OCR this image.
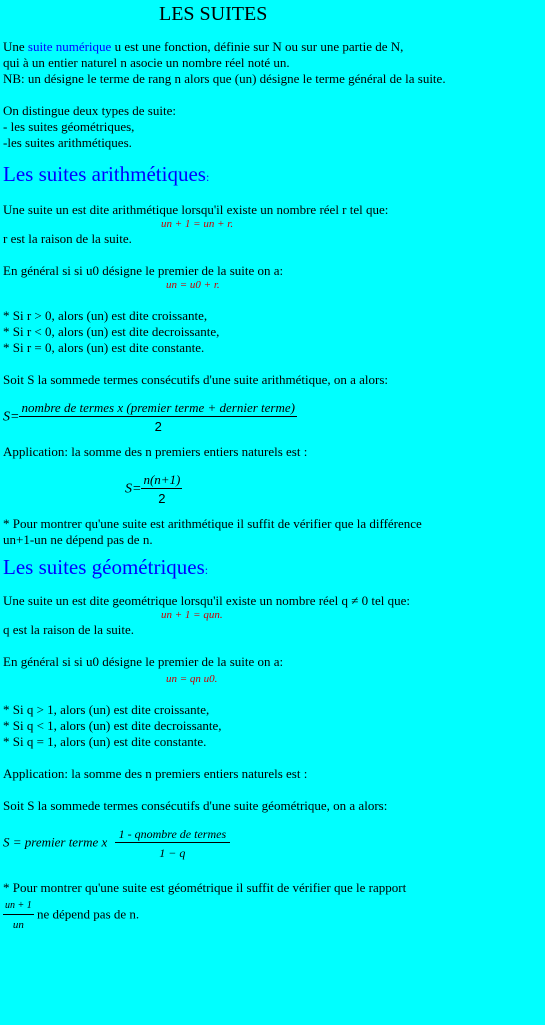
LES SUITES

Une suite numérique u est une fonction, définie sur N ou sur une partie de N,

qui à un entier naturel n asocie un nombre réel noté un.

NB: un désigne le terme de rang n alors que (un) désigne le terme général de la suite.

On distingue deux types de suite:

- les suites géométriques,

-les suites arithmétiques.

Les suites arithmétiques:

Une suite un est dite arithmétique lorsqu'il existe un nombre réel r tel que:

un + 1 = un + r.

r est la raison de la suite.

En général si si u0 désigne le premier de la suite on a:

un = u0 + r.

* Si r > 0, alors (un) est dite croissante,

* Si r < 0, alors (un) est dite decroissante,

* Si r = 0, alors (un) est dite constante.

Soit S la sommede termes consécutifs d'une suite arithmétique, on a alors:

$S= \frac{\text{nombre de termes x (premier terme + dernier terme)}}{2}$

Application: la somme des n premiers entiers naturels est :

$S= \frac{n(n+1)}{2}$

* Pour montrer qu'une suite est arithmétique il suffit de vérifier que la différence

un+1-un ne dépend pas de n.

Les suites géométriques:

Une suite un est dite geométrique lorsqu'il existe un nombre réel q ≠ 0 tel que:

un + 1 = qun.

q est la raison de la suite.

En général si si u0 désigne le premier de la suite on a:

un = qn u0.

* Si q > 1, alors (un) est dite croissante,

* Si q < 1, alors (un) est dite decroissante,

* Si q = 1, alors (un) est dite constante.

Application: la somme des n premiers entiers naturels est :

Soit S la sommede termes consécutifs d'une suite géométrique, on a alors:

S = premier terme x $\frac{\text{1 - qnombre de termes}}{1 - q}$

* Pour montrer qu'une suite est géométrique il suffit de vérifier que le rapport

$\frac{un + 1}{un}$ ne dépend pas de n.
